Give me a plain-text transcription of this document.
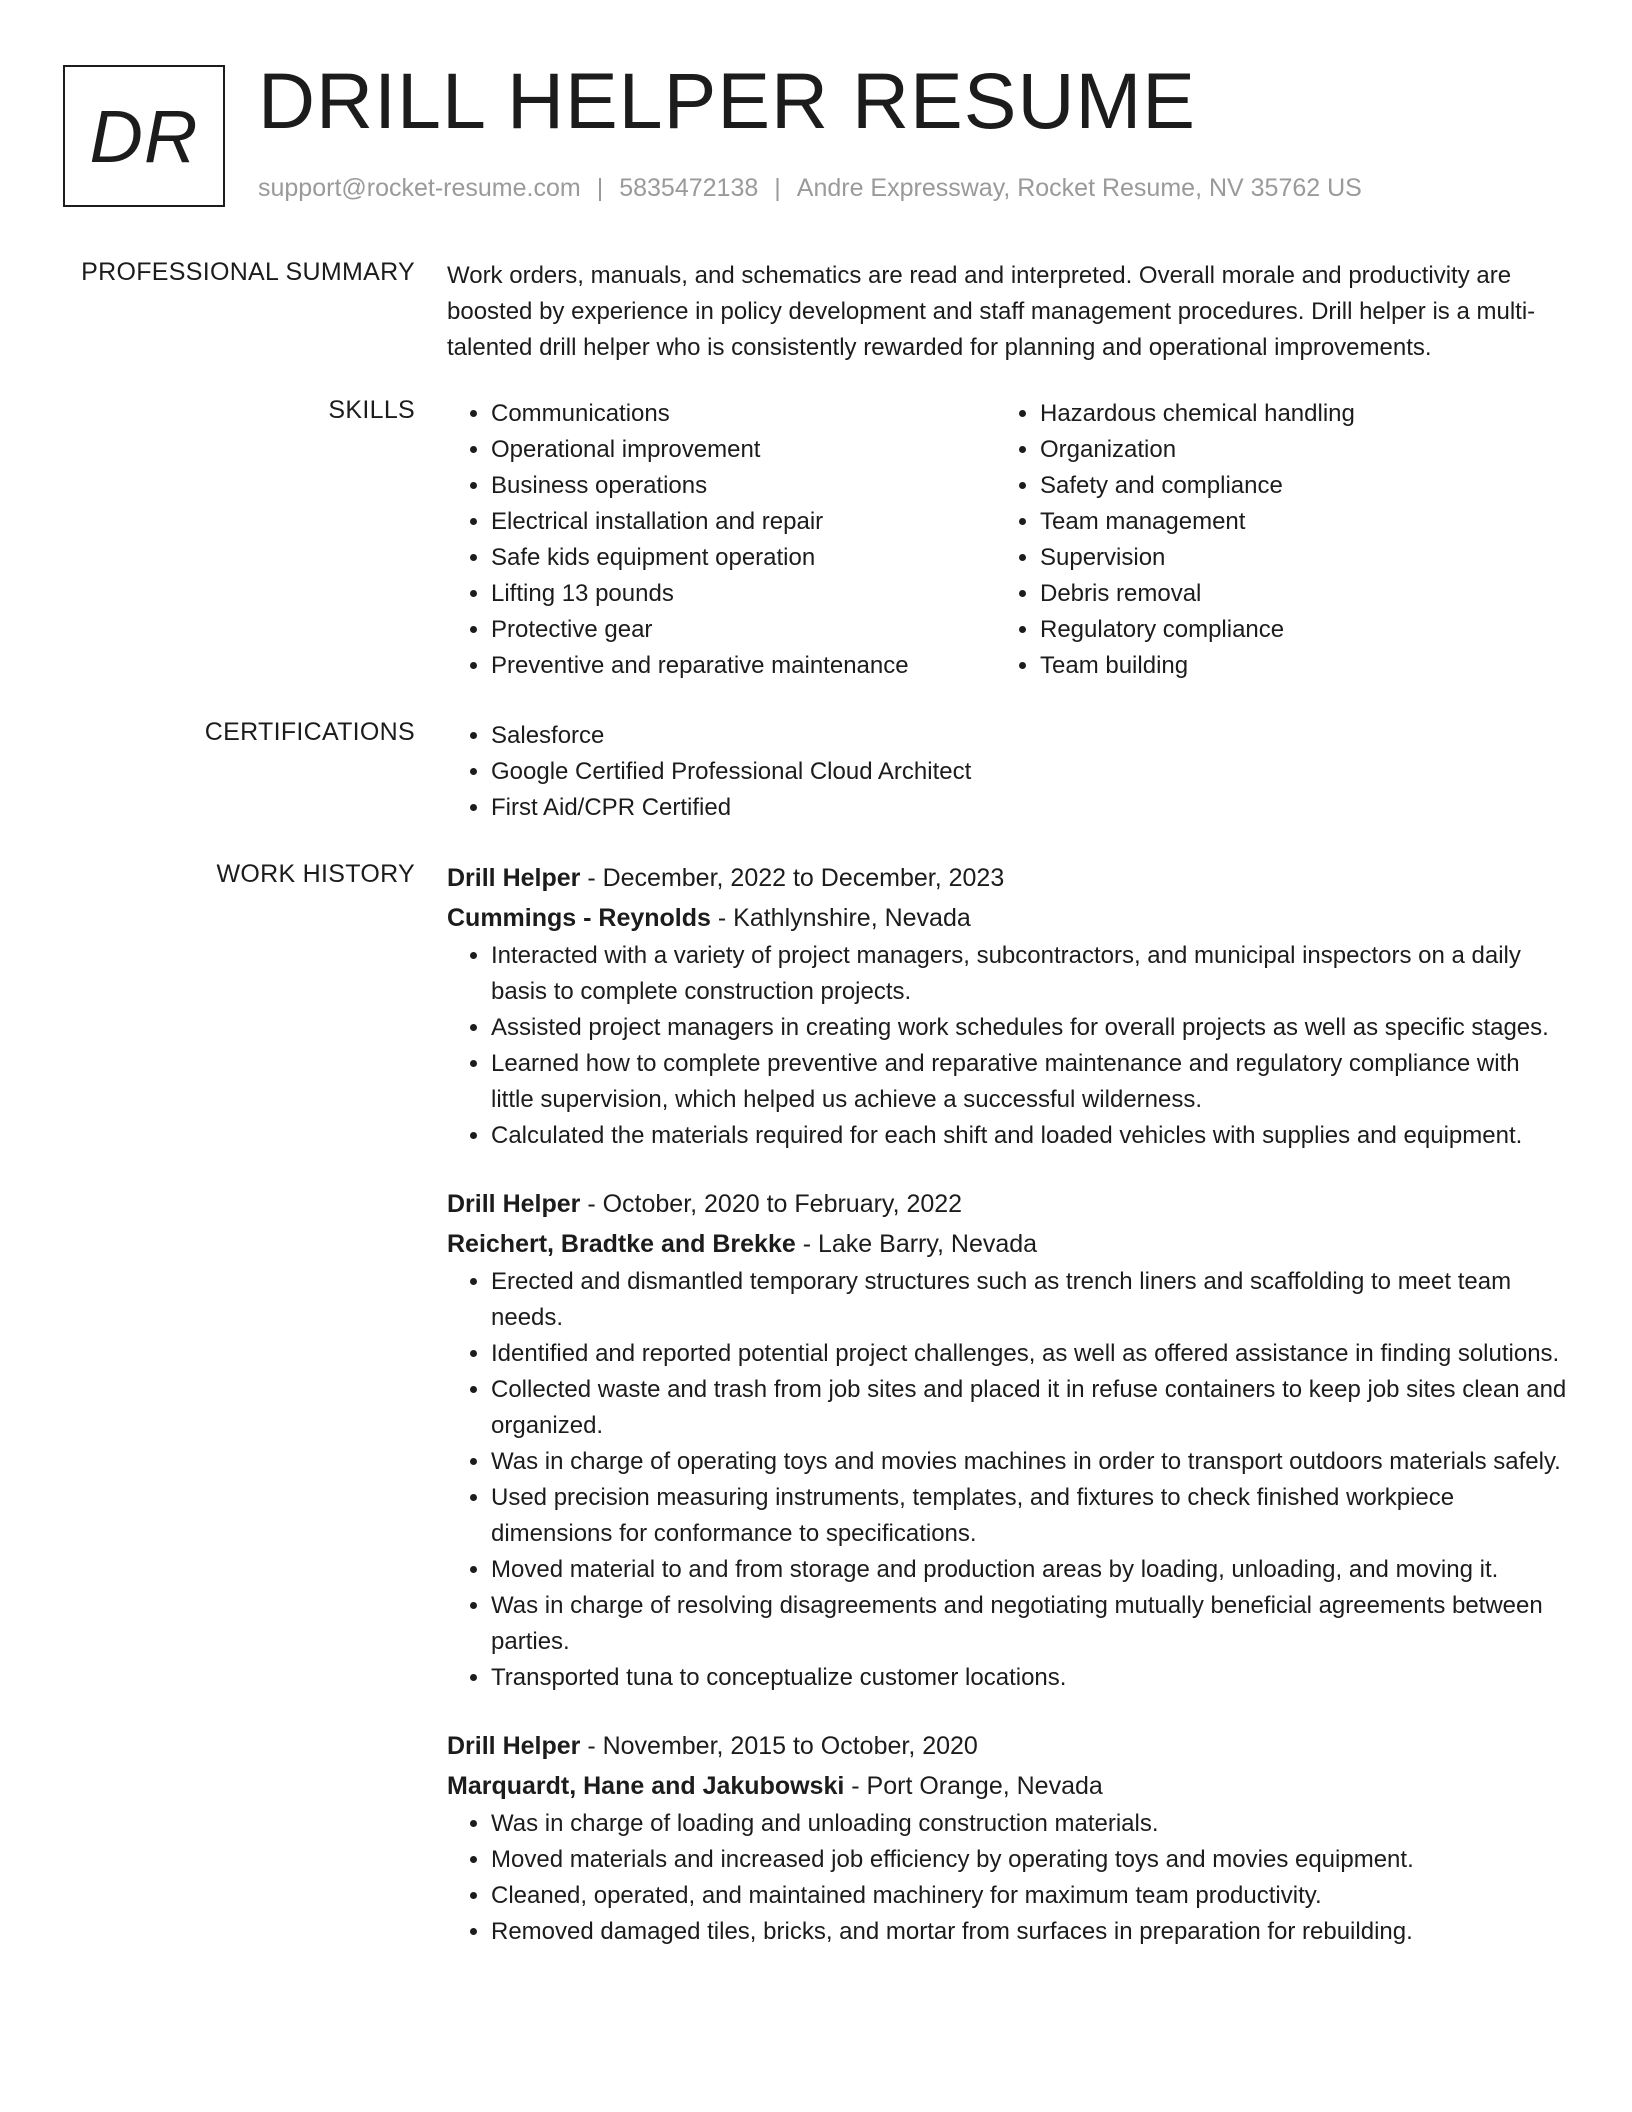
DR DRILL HELPER RESUME
support@rocket-resume.com | 5835472138 | Andre Expressway, Rocket Resume, NV 35762 US
PROFESSIONAL SUMMARY Work orders, manuals, and schematics are read and interpreted. Overall morale and productivity are boosted by experience in policy development and staff management procedures. Drill helper is a multi-talented drill helper who is consistently rewarded for planning and operational improvements.

SKILLS	• Communications
• Operational improvement
• Business operations
• Electrical installation and repair
• Safe kids equipment operation
• Lifting 13 pounds
• Protective gear
• Preventive and reparative maintenance
• Hazardous chemical handling
• Organization
• Safety and compliance
• Team management
• Supervision
• Debris removal
• Regulatory compliance
• Team building
CERTIFICATIONS	• Salesforce
• Google Certified Professional Cloud Architect
• First Aid/CPR Certified
WORK HISTORY Drill Helper - December, 2022 to December, 2023

Cummings - Reynolds - Kathlynshire, Nevada

• Interacted with a variety of project managers, subcontractors, and municipal inspectors on a daily basis to complete construction projects.
• Assisted project managers in creating work schedules for overall projects as well as specific stages.
• Learned how to complete preventive and reparative maintenance and regulatory compliance with little supervision, which helped us achieve a successful wilderness.
• Calculated the materials required for each shift and loaded vehicles with supplies and equipment.

Drill Helper - October, 2020 to February, 2022

Reichert, Bradtke and Brekke - Lake Barry, Nevada

• Erected and dismantled temporary structures such as trench liners and scaffolding to meet team needs.
• Identified and reported potential project challenges, as well as offered assistance in finding solutions.
• Collected waste and trash from job sites and placed it in refuse containers to keep job sites clean and organized.
• Was in charge of operating toys and movies machines in order to transport outdoors materials safely.
• Used precision measuring instruments, templates, and fixtures to check finished workpiece dimensions for conformance to specifications.
• Moved material to and from storage and production areas by loading, unloading, and moving it.
• Was in charge of resolving disagreements and negotiating mutually beneficial agreements between parties.
• Transported tuna to conceptualize customer locations.

Drill Helper - November, 2015 to October, 2020

Marquardt, Hane and Jakubowski - Port Orange, Nevada

• Was in charge of loading and unloading construction materials.
• Moved materials and increased job efficiency by operating toys and movies equipment.
• Cleaned, operated, and maintained machinery for maximum team productivity.
• Removed damaged tiles, bricks, and mortar from surfaces in preparation for rebuilding.
